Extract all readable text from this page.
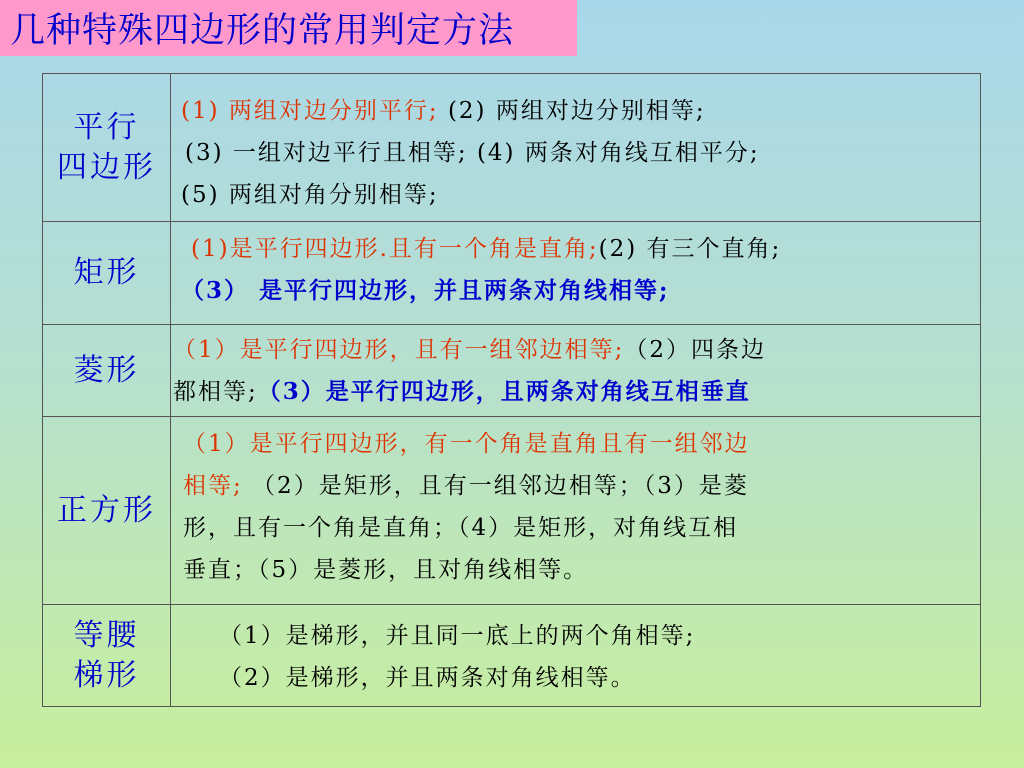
几种特殊四边形的常用判定方法
平行
四边形	(1) 两组对边分别平行; (2) 两组对边分别相等;
(3) 一组对边平行且相等; (4) 两条对角线互相平分;
(5) 两组对角分别相等;

矩形	(1)是平行四边形.且有一个角是直角;(2) 有三个直角;
（3） 是平行四边形，并且两条对角线相等;

菱形	（1）是平行四边形，且有一组邻边相等;（2）四条边
都相等;（3）是平行四边形，且两条对角线互相垂直

正方形	（1）是平行四边形，有一个角是直角且有一组邻边
相等; （2）是矩形，且有一组邻边相等；（3）是菱
形，且有一个角是直角；（4）是矩形，对角线互相
垂直；（5）是菱形，且对角线相等。

等腰
梯形	（1）是梯形，并且同一底上的两个角相等;
（2）是梯形，并且两条对角线相等。
